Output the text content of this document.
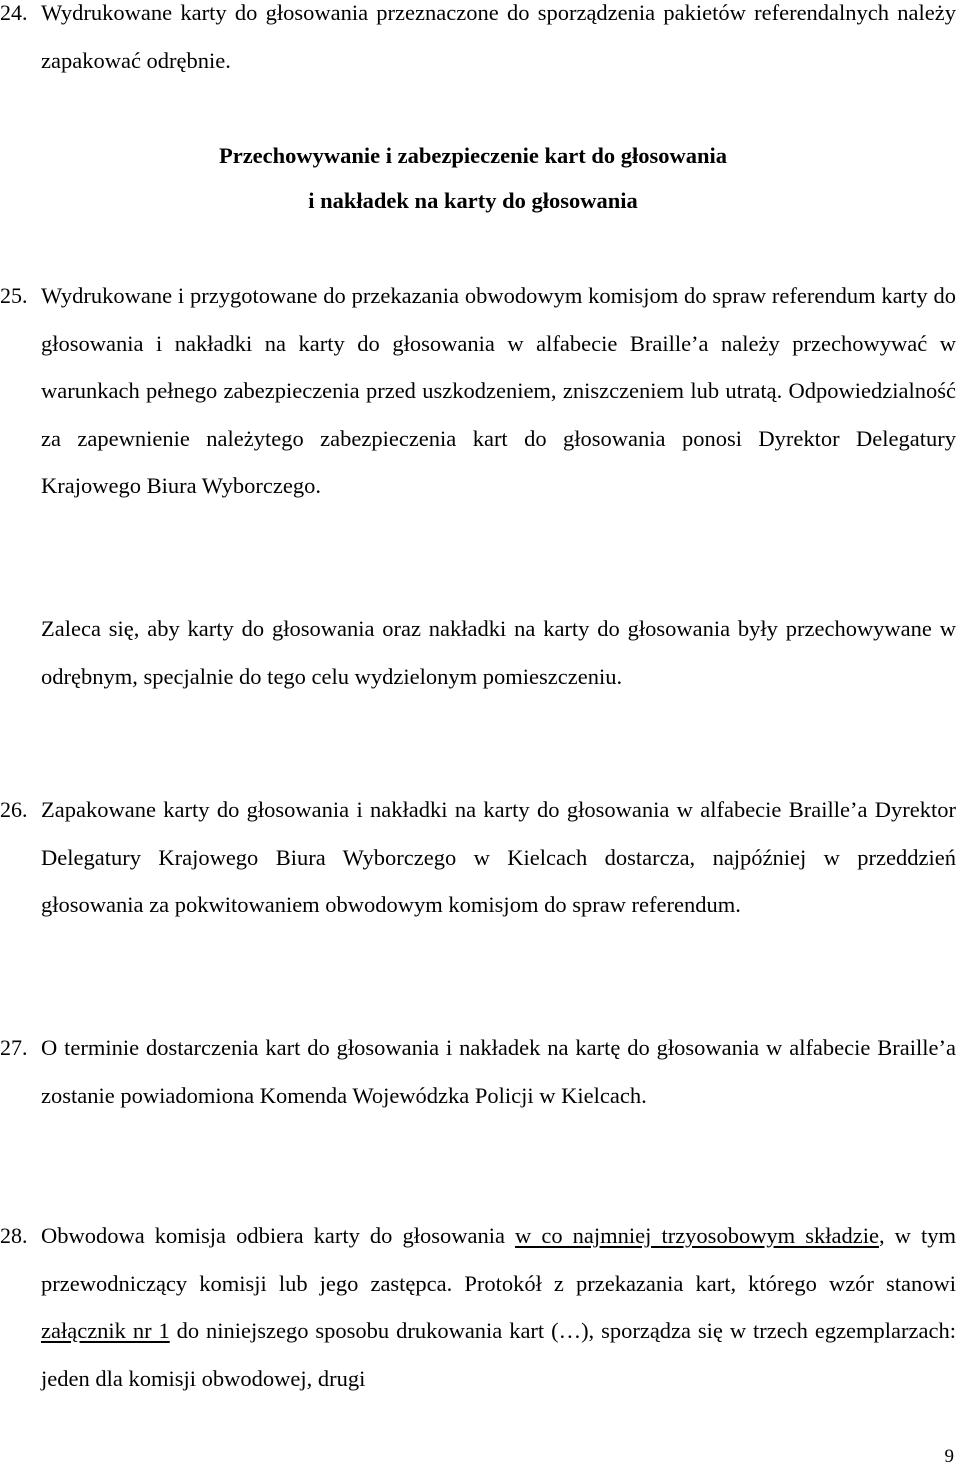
24. Wydrukowane karty do głosowania przeznaczone do sporządzenia pakietów referendalnych należy zapakować odrębnie.
Przechowywanie i zabezpieczenie kart do głosowania
i nakładek na karty do głosowania
25. Wydrukowane i przygotowane do przekazania obwodowym komisjom do spraw referendum karty do głosowania i nakładki na karty do głosowania w alfabecie Braille’a należy przechowywać w warunkach pełnego zabezpieczenia przed uszkodzeniem, zniszczeniem lub utratą. Odpowiedzialność za zapewnienie należytego zabezpieczenia kart do głosowania ponosi Dyrektor Delegatury Krajowego Biura Wyborczego.
Zaleca się, aby karty do głosowania oraz nakładki na karty do głosowania były przechowywane w odrębnym, specjalnie do tego celu wydzielonym pomieszczeniu.
26. Zapakowane karty do głosowania i nakładki na karty do głosowania w alfabecie Braille’a Dyrektor Delegatury Krajowego Biura Wyborczego w Kielcach dostarcza, najpóźniej w przeddzień głosowania za pokwitowaniem obwodowym komisjom do spraw referendum.
27. O terminie dostarczenia kart do głosowania i nakładek na kartę do głosowania w alfabecie Braille’a zostanie powiadomiona Komenda Wojewódzka Policji w Kielcach.
28. Obwodowa komisja odbiera karty do głosowania w co najmniej trzyosobowym składzie, w tym przewodniczący komisji lub jego zastępca. Protokół z przekazania kart, którego wzór stanowi załącznik nr 1 do niniejszego sposobu drukowania kart (…), sporządza się w trzech egzemplarzach: jeden dla komisji obwodowej, drugi
9
